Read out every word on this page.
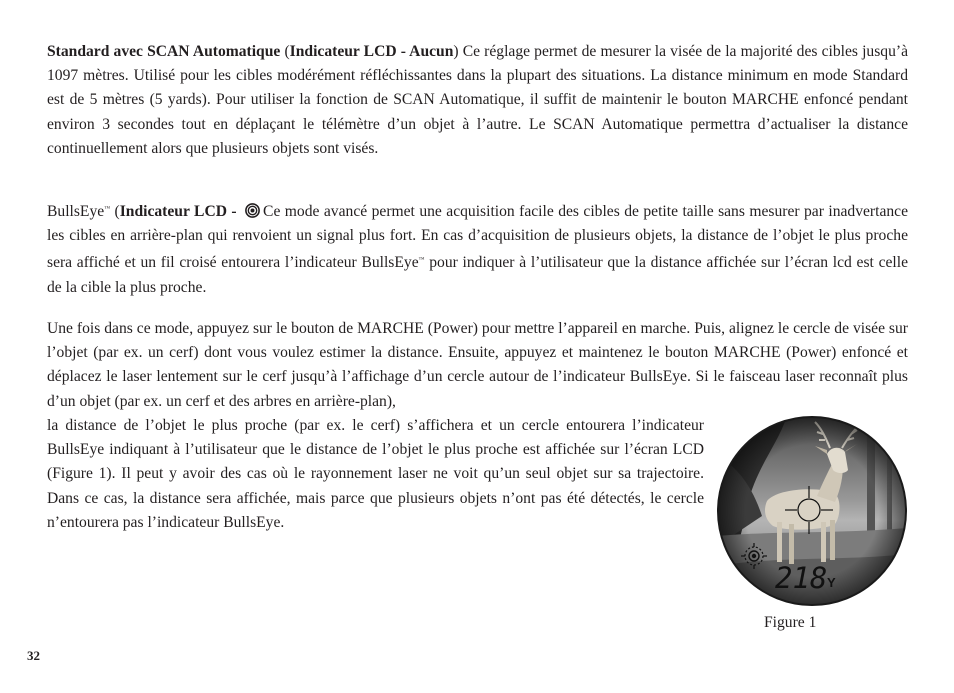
Standard avec SCAN Automatique (Indicateur LCD - Aucun) Ce réglage permet de mesurer la visée de la majorité des cibles jusqu’à 1097 mètres. Utilisé pour les cibles modérément réfléchissantes dans la plupart des situations. La distance minimum en mode Standard est de 5 mètres (5 yards). Pour utiliser la fonction de SCAN Automatique, il suffit de maintenir le bouton MARCHE enfoncé pendant environ 3 secondes tout en déplaçant le télémètre d’un objet à l’autre. Le SCAN Automatique permettra d’actualiser la distance continuellement alors que plusieurs objets sont visés.

BullsEye™ (Indicateur LCD - Ce mode avancé permet une acquisition facile des cibles de petite taille sans mesurer par inadvertance les cibles en arrière-plan qui renvoient un signal plus fort. En cas d’acquisition de plusieurs objets, la distance de l’objet le plus proche sera affiché et un fil croisé entourera l’indicateur BullsEye™ pour indiquer à l’utilisateur que la distance affichée sur l’écran lcd est celle de la cible la plus proche.

Une fois dans ce mode, appuyez sur le bouton de MARCHE (Power) pour mettre l’appareil en marche. Puis, alignez le cercle de visée sur l’objet (par ex. un cerf) dont vous voulez estimer la distance. Ensuite, appuyez et maintenez le bouton MARCHE (Power) enfoncé et déplacez le laser lentement sur le cerf jusqu’à l’affichage d’un cercle autour de l’indicateur BullsEye. Si le faisceau laser reconnaît plus d’un objet (par ex. un cerf et des arbres en arrière-plan),

la distance de l’objet le plus proche (par ex. le cerf) s’affichera et un cercle entourera l’indicateur BullsEye indiquant à l’utilisateur que le distance de l’objet le plus proche est affichée sur l’écran LCD (Figure 1). Il peut y avoir des cas où le rayonnement laser ne voit qu’un seul objet sur sa trajectoire. Dans ce cas, la distance sera affichée, mais parce que plusieurs objets n’ont pas été détectés, le cercle n’entourera pas l’indicateur BullsEye.

218 Y
Figure 1
32
